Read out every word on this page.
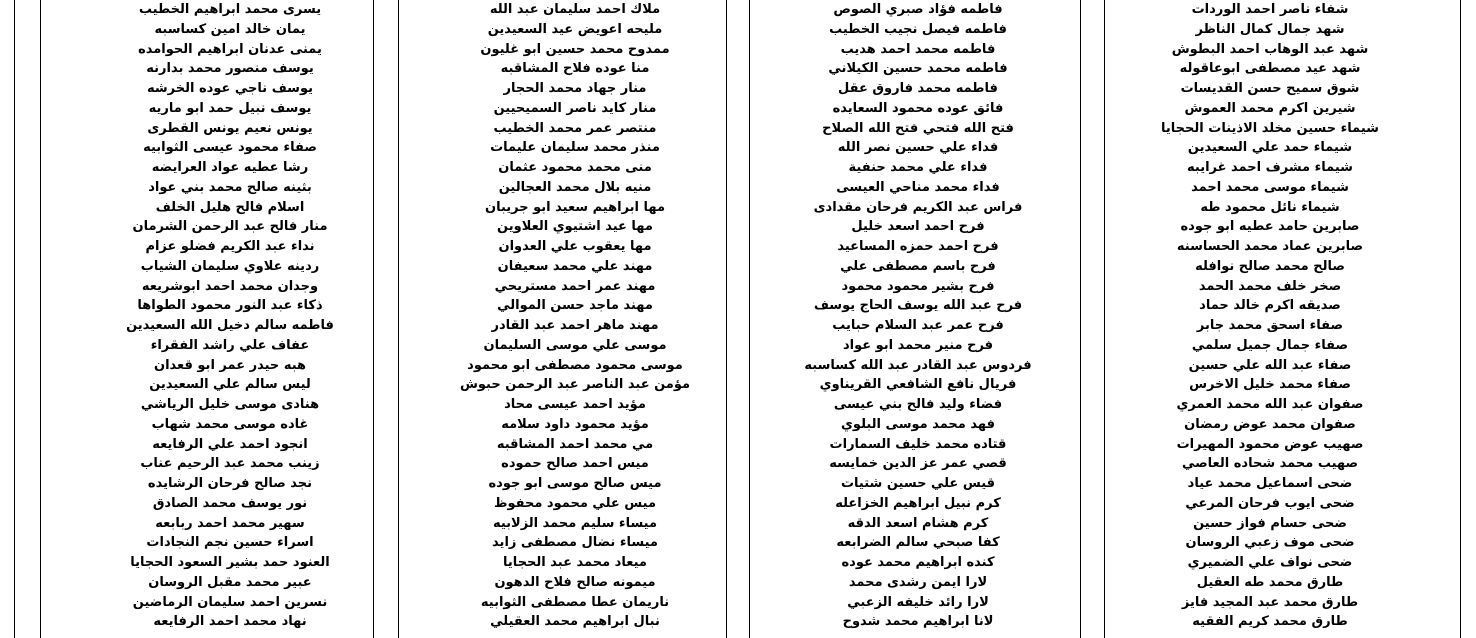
شفاء ناصر احمد الوردات
شهد جمال كمال الناظر
شهد عبد الوهاب احمد البطوش
شهد عيد مصطفى ابوعاقوله
شوق سميح حسن القديسات
شيرين اكرم محمد العموش
شيماء حسين مخلد الاذينات الحجايا
شيماء حمد علي السعيدين
شيماء مشرف احمد غرايبه
شيماء موسى محمد احمد
شيماء نائل محمود طه
صابرين حامد عطيه ابو جوده
صابرين عماد محمد الحساسنه
صالح محمد صالح نوافله
صخر خلف محمد الحمد
صديقه اكرم خالد حماد
صفاء اسحق محمد جابر
صفاء جمال جميل سلمي
صفاء عبد الله علي حسين
صفاء محمد خليل الاخرس
صفوان عبد الله محمد العمري
صفوان محمد عوض رمضان
صهيب عوض محمود المهيرات
صهيب محمد شحاده العاصي
ضحى اسماعيل محمد عياد
ضحى ايوب فرحان المرعي
ضحى حسام فواز حسين
ضحى موف زعبي الروسان
ضحى نواف علي الضميري
طارق محمد طه العقيل
طارق محمد عبد المجيد فايز
طارق محمد كريم الفقيه
فاطمه فؤاد صبري الصوص
فاطمه فيصل نجيب الخطيب
فاطمه محمد احمد هديب
فاطمه محمد حسين الكيلاني
فاطمه محمد فاروق عقل
فائق عوده محمود السعايده
فتح الله فتحي فتح الله الصلاح
فداء علي حسين نصر الله
فداء علي محمد حنفية
فداء محمد مناحي العيسى
فراس عبد الكريم فرحان مقدادى
فرح احمد اسعد خليل
فرح احمد حمزه المساعيد
فرح باسم مصطفى علي
فرح بشير محمود محمود
فرح عبد الله يوسف الحاج يوسف
فرح عمر عبد السلام حبايب
فرح منير محمد ابو عواد
فردوس عبد القادر عبد الله كساسبه
فريال نافع الشافعي القريناوي
فضاء وليد فالح بني عيسى
فهد محمد موسى البلوي
قتاده محمد خليف السمارات
قصي عمر عز الدين خمايسه
قيس علي حسين شتيات
كرم نبيل ابراهيم الخزاعله
كرم هشام اسعد الدقه
كفا صبحي سالم الضرابعه
كنده ابراهيم محمد عوده
لارا ايمن رشدى محمد
لارا رائد خليفه الزعبي
لانا ابراهيم محمد شدوح
ملاك احمد سليمان عبد الله
مليحه اعويض عيد السعيدين
ممدوح محمد حسين ابو غليون
منا عوده فلاح المشاقبه
منار جهاد محمد الحجار
منار كايد ناصر السميحيين
منتصر عمر محمد الخطيب
منذر محمد سليمان عليمات
منى محمد محمود عثمان
منيه بلال محمد العجالين
مها ابراهيم سعيد ابو جريبان
مها عيد اشتيوي العلاوين
مها يعقوب علي العدوان
مهند علي محمد سعيفان
مهند عمر احمد مستريحي
مهند ماجد حسن الموالي
مهند ماهر احمد عبد القادر
موسى علي موسى السليمان
موسى محمود مصطفى ابو محمود
مؤمن عبد الناصر عبد الرحمن حبوش
مؤيد احمد عيسى محاد
مؤيد محمود داود سلامه
مي محمد احمد المشاقبه
ميس احمد صالح حموده
ميس صالح موسى ابو جوده
ميس علي محمود محفوظ
ميساء سليم محمد الزلابيه
ميساء نضال مصطفى زايد
ميعاد محمد عبد الحجايا
ميمونه صالح فلاح الدهون
ناريمان عطا مصطفى الثوابيه
نبال ابراهيم محمد العقيلي
يسرى محمد ابراهيم الخطيب
يمان خالد امين كساسبه
يمنى عدنان ابراهيم الحوامده
يوسف منصور محمد بدارنه
يوسف ناجي عوده الخرشه
يوسف نبيل حمد ابو ماريه
يونس نعيم يونس القطرى
صفاء محمود عيسى الثوابيه
رشا عطيه عواد العرايضه
بثينه صالح محمد بني عواد
اسلام فالح هليل الخلف
منار فالح عبد الرحمن الشرمان
نداء عبد الكريم فضلو عزام
ردينه علاوي سليمان الشياب
وجدان محمد احمد ابوشريعه
ذكاء عبد النور محمود الطواها
فاطمه سالم دخيل الله السعيدين
عفاف علي راشد الفقراء
هبه حيدر عمر ابو قعدان
ليس سالم علي السعيدين
هنادى موسى خليل الرياشي
غاده موسى محمد شهاب
انجود احمد علي الرفايعه
زينب محمد عبد الرحيم عناب
نجد صالح فرحان الرشايده
نور يوسف محمد الصادق
سهير محمد احمد ربابعه
اسراء حسين نجم النجادات
العنود حمد بشير السعود الحجايا
عبير محمد مقبل الروسان
نسرين احمد سليمان الرماضين
نهاد محمد احمد الرفايعه
